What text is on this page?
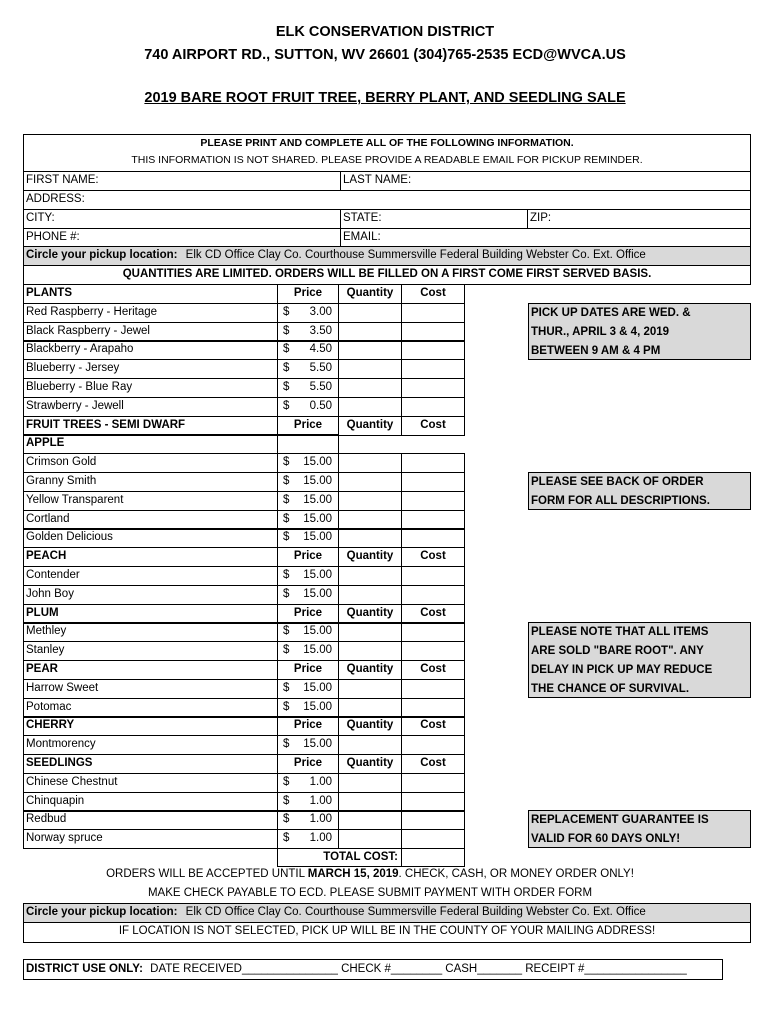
ELK CONSERVATION DISTRICT
740 AIRPORT RD., SUTTON, WV 26601 (304)765-2535 ECD@WVCA.US
2019 BARE ROOT FRUIT TREE, BERRY PLANT, AND SEEDLING SALE
PLEASE PRINT AND COMPLETE ALL OF THE FOLLOWING INFORMATION.
THIS INFORMATION IS NOT SHARED. PLEASE PROVIDE A READABLE EMAIL FOR PICKUP REMINDER.
FIRST NAME:	LAST NAME:
ADDRESS:
CITY:	STATE:	ZIP:
PHONE #:	EMAIL:
Circle your pickup location: Elk CD Office Clay Co. Courthouse Summersville Federal Building Webster Co. Ext. Office
QUANTITIES ARE LIMITED. ORDERS WILL BE FILLED ON A FIRST COME FIRST SERVED BASIS.
PLANTS	Price	Quantity	Cost
Red Raspberry - Heritage	$ 3.00
Black Raspberry - Jewel	$ 3.50
Blackberry - Arapaho	$ 4.50
Blueberry - Jersey	$ 5.50
Blueberry - Blue Ray	$ 5.50
Strawberry - Jewell	$ 0.50
FRUIT TREES - SEMI DWARF	Price	Quantity	Cost
APPLE
Crimson Gold	$ 15.00
Granny Smith	$ 15.00
Yellow Transparent	$ 15.00
Cortland	$ 15.00
Golden Delicious	$ 15.00
PEACH	Price	Quantity	Cost
Contender	$ 15.00
John Boy	$ 15.00
PLUM	Price	Quantity	Cost
Methley	$ 15.00
Stanley	$ 15.00
PEAR	Price	Quantity	Cost
Harrow Sweet	$ 15.00
Potomac	$ 15.00
CHERRY	Price	Quantity	Cost
Montmorency	$ 15.00
SEEDLINGS	Price	Quantity	Cost
Chinese Chestnut	$ 1.00
Chinquapin	$ 1.00
Redbud	$ 1.00
Norway spruce	$ 1.00
TOTAL COST:
PICK UP DATES ARE WED. &
THUR., APRIL 3 & 4, 2019
BETWEEN 9 AM & 4 PM
PLEASE SEE BACK OF ORDER
FORM FOR ALL DESCRIPTIONS.
PLEASE NOTE THAT ALL ITEMS
ARE SOLD "BARE ROOT". ANY
DELAY IN PICK UP MAY REDUCE
THE CHANCE OF SURVIVAL.
REPLACEMENT GUARANTEE IS
VALID FOR 60 DAYS ONLY!
ORDERS WILL BE ACCEPTED UNTIL MARCH 15, 2019. CHECK, CASH, OR MONEY ORDER ONLY!
MAKE CHECK PAYABLE TO ECD. PLEASE SUBMIT PAYMENT WITH ORDER FORM
Circle your pickup location: Elk CD Office Clay Co. Courthouse Summersville Federal Building Webster Co. Ext. Office
IF LOCATION IS NOT SELECTED, PICK UP WILL BE IN THE COUNTY OF YOUR MAILING ADDRESS!
DISTRICT USE ONLY: DATE RECEIVED_______________ CHECK #________ CASH_______ RECEIPT #________________
